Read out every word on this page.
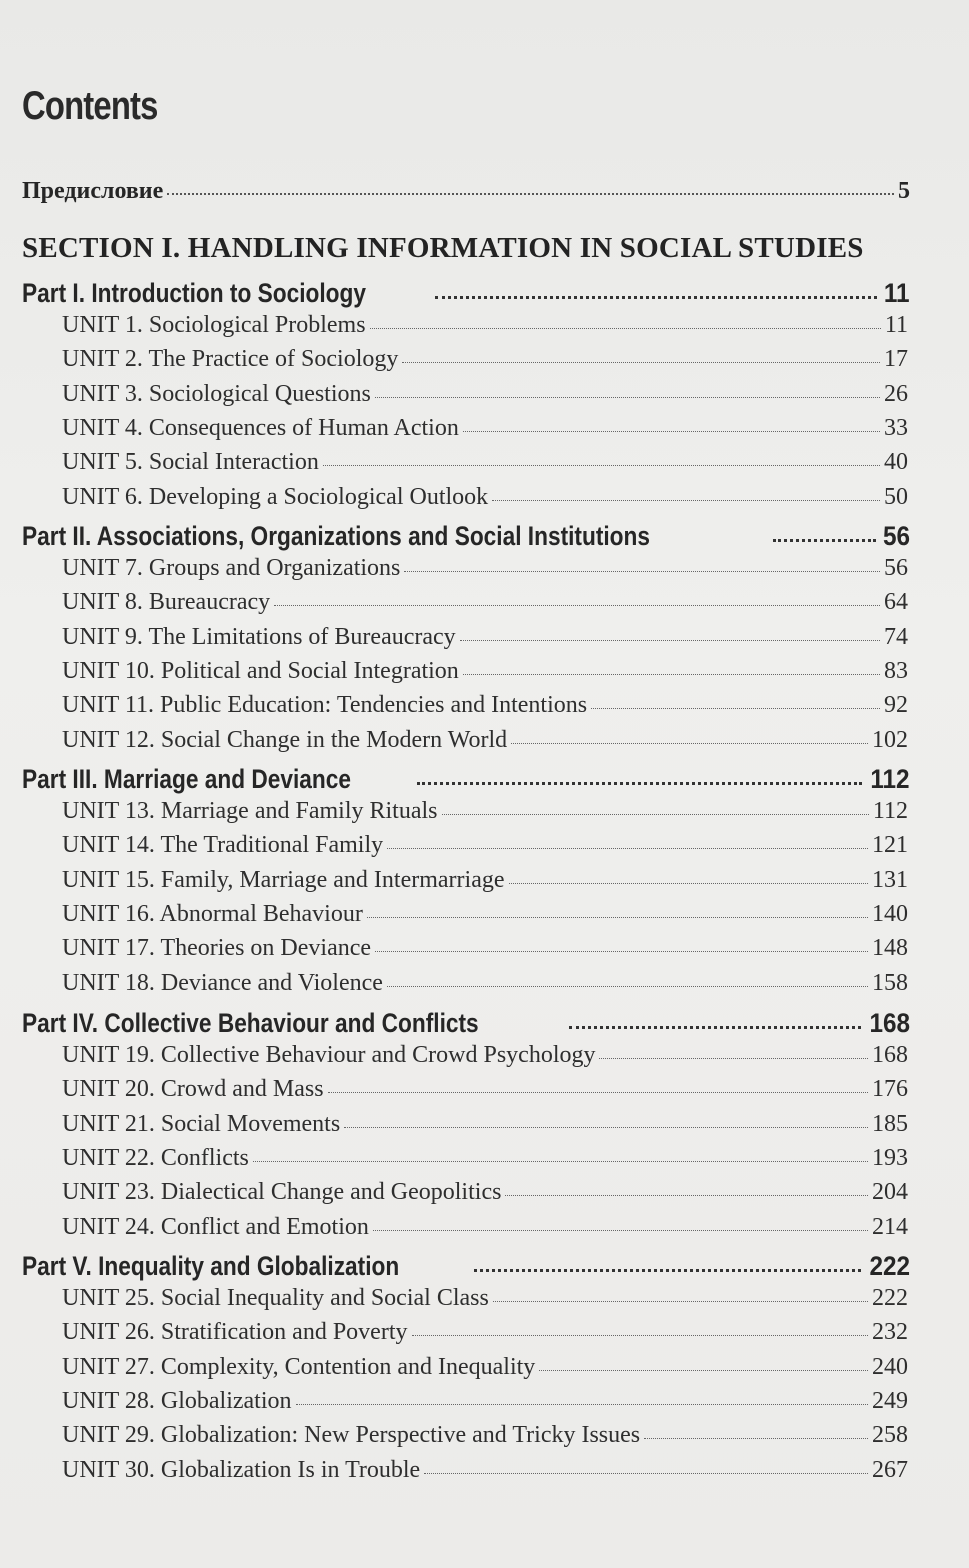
Contents
Предисловие	5
SECTION I. HANDLING INFORMATION IN SOCIAL STUDIES
Part I. Introduction to Sociology	11
UNIT 1. Sociological Problems	11
UNIT 2. The Practice of Sociology	17
UNIT 3. Sociological Questions	26
UNIT 4. Consequences of Human Action	33
UNIT 5. Social Interaction	40
UNIT 6. Developing a Sociological Outlook	50
Part II. Associations, Organizations and Social Institutions	56
UNIT 7. Groups and Organizations	56
UNIT 8. Bureaucracy	64
UNIT 9. The Limitations of Bureaucracy	74
UNIT 10. Political and Social Integration	83
UNIT 11. Public Education: Tendencies and Intentions	92
UNIT 12. Social Change in the Modern World	102
Part III. Marriage and Deviance	112
UNIT 13. Marriage and Family Rituals	112
UNIT 14. The Traditional Family	121
UNIT 15. Family, Marriage and Intermarriage	131
UNIT 16. Abnormal Behaviour	140
UNIT 17. Theories on Deviance	148
UNIT 18. Deviance and Violence	158
Part IV. Collective Behaviour and Conflicts	168
UNIT 19. Collective Behaviour and Crowd Psychology	168
UNIT 20. Crowd and Mass	176
UNIT 21. Social Movements	185
UNIT 22. Conflicts	193
UNIT 23. Dialectical Change and Geopolitics	204
UNIT 24. Conflict and Emotion	214
Part V. Inequality and Globalization	222
UNIT 25. Social Inequality and Social Class	222
UNIT 26. Stratification and Poverty	232
UNIT 27. Complexity, Contention and Inequality	240
UNIT 28. Globalization	249
UNIT 29. Globalization: New Perspective and Tricky Issues	258
UNIT 30. Globalization Is in Trouble	267
